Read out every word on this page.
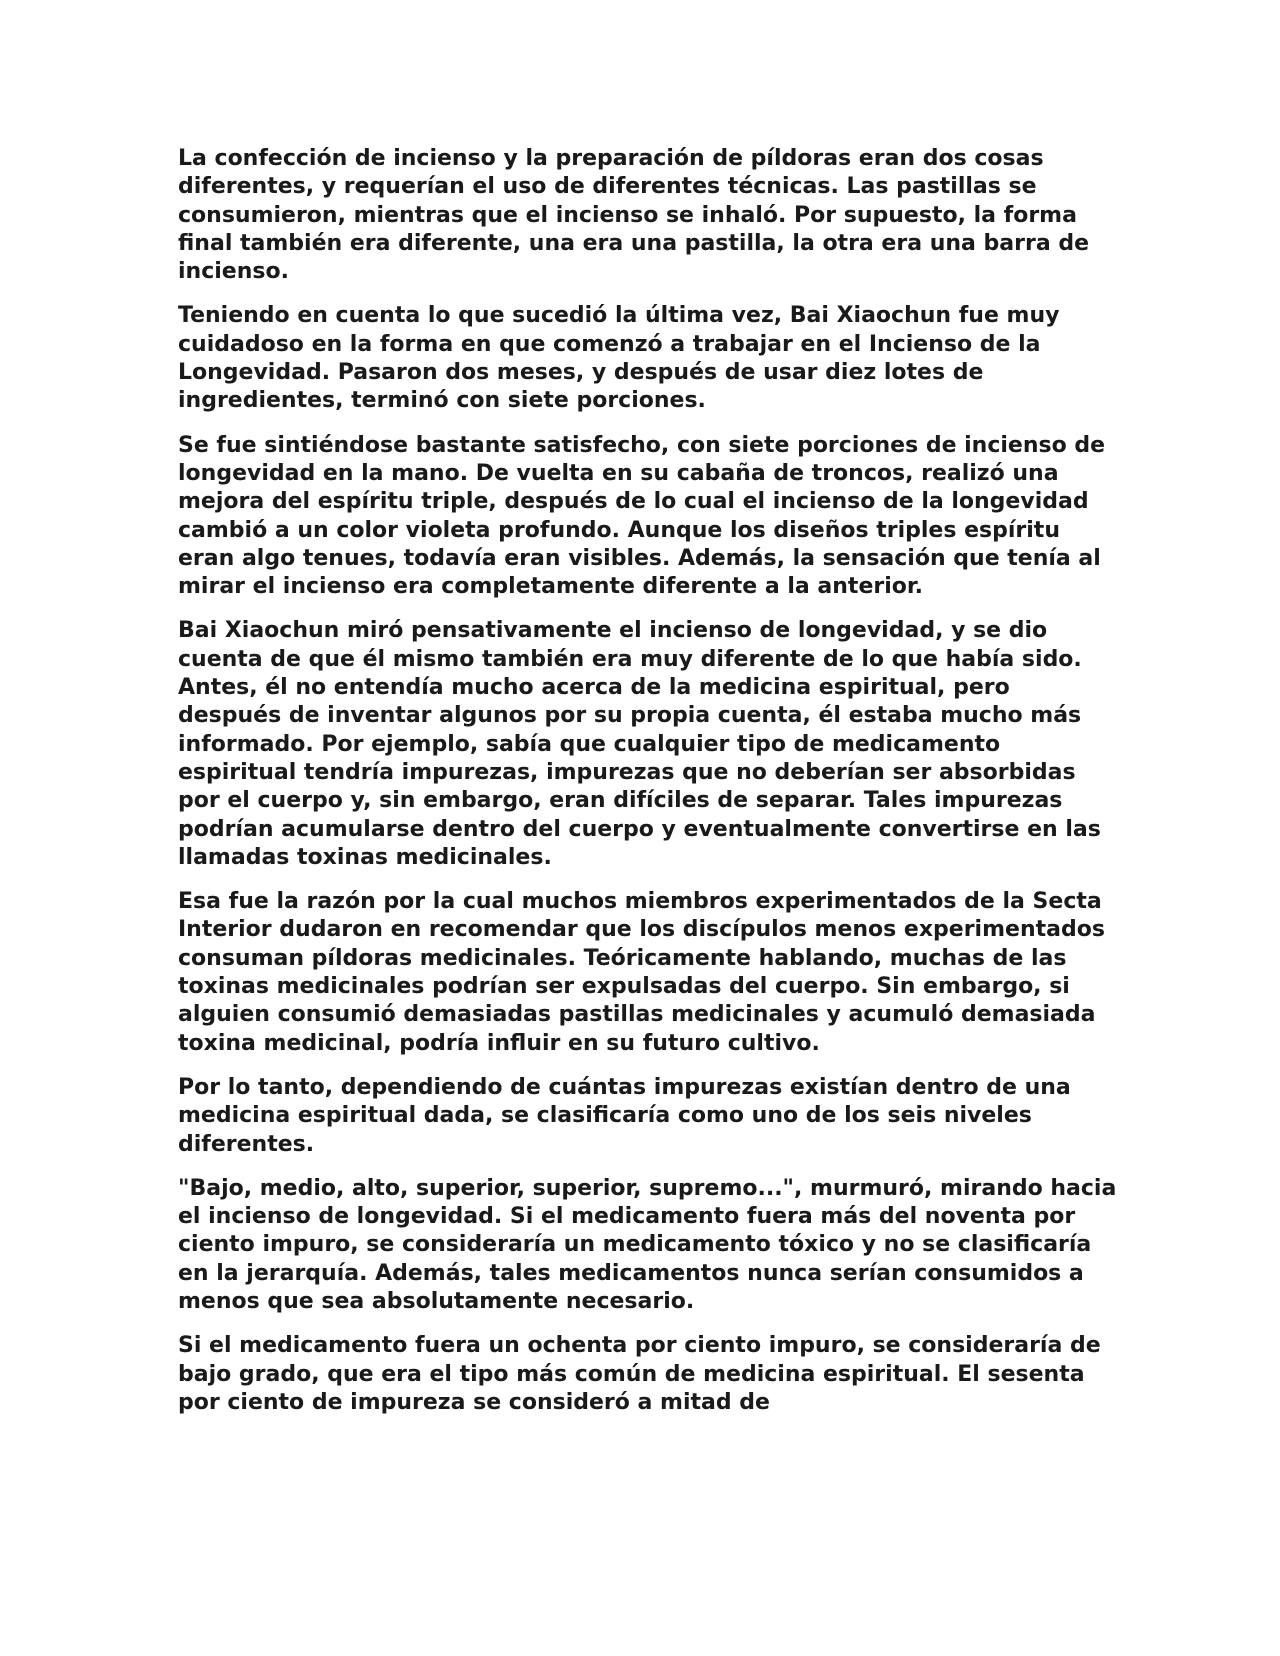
La confección de incienso y la preparación de píldoras eran dos cosas diferentes, y requerían el uso de diferentes técnicas. Las pastillas se consumieron, mientras que el incienso se inhaló. Por supuesto, la forma final también era diferente, una era una pastilla, la otra era una barra de incienso.

Teniendo en cuenta lo que sucedió la última vez, Bai Xiaochun fue muy cuidadoso en la forma en que comenzó a trabajar en el Incienso de la Longevidad. Pasaron dos meses, y después de usar diez lotes de ingredientes, terminó con siete porciones.

Se fue sintiéndose bastante satisfecho, con siete porciones de incienso de longevidad en la mano. De vuelta en su cabaña de troncos, realizó una mejora del espíritu triple, después de lo cual el incienso de la longevidad cambió a un color violeta profundo. Aunque los diseños triples espíritu eran algo tenues, todavía eran visibles. Además, la sensación que tenía al mirar el incienso era completamente diferente a la anterior.

Bai Xiaochun miró pensativamente el incienso de longevidad, y se dio cuenta de que él mismo también era muy diferente de lo que había sido. Antes, él no entendía mucho acerca de la medicina espiritual, pero después de inventar algunos por su propia cuenta, él estaba mucho más informado. Por ejemplo, sabía que cualquier tipo de medicamento espiritual tendría impurezas, impurezas que no deberían ser absorbidas por el cuerpo y, sin embargo, eran difíciles de separar. Tales impurezas podrían acumularse dentro del cuerpo y eventualmente convertirse en las llamadas toxinas medicinales.

Esa fue la razón por la cual muchos miembros experimentados de la Secta Interior dudaron en recomendar que los discípulos menos experimentados consuman píldoras medicinales. Teóricamente hablando, muchas de las toxinas medicinales podrían ser expulsadas del cuerpo. Sin embargo, si alguien consumió demasiadas pastillas medicinales y acumuló demasiada toxina medicinal, podría influir en su futuro cultivo.

Por lo tanto, dependiendo de cuántas impurezas existían dentro de una medicina espiritual dada, se clasificaría como uno de los seis niveles diferentes.

"Bajo, medio, alto, superior, superior, supremo...", murmuró, mirando hacia el incienso de longevidad. Si el medicamento fuera más del noventa por ciento impuro, se consideraría un medicamento tóxico y no se clasificaría en la jerarquía. Además, tales medicamentos nunca serían consumidos a menos que sea absolutamente necesario.

Si el medicamento fuera un ochenta por ciento impuro, se consideraría de bajo grado, que era el tipo más común de medicina espiritual. El sesenta por ciento de impureza se consideró a mitad de
